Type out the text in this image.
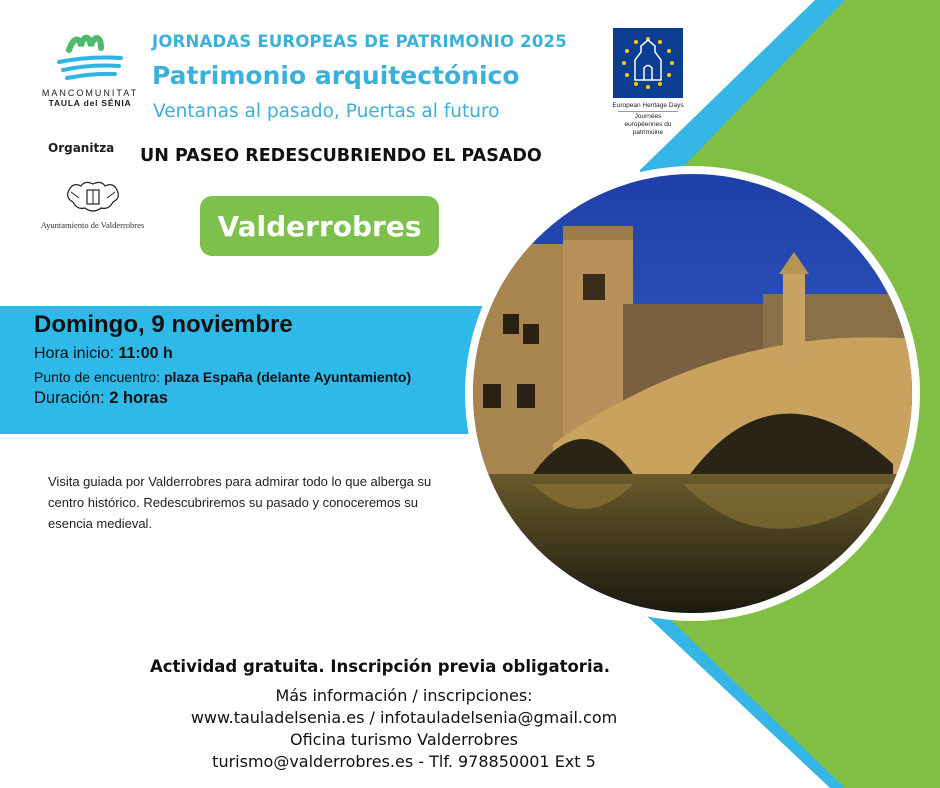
MANCOMUNITAT
TAULA del SÉNIA
Organitza
Ayuntamiento de Valderrobres
JORNADAS EUROPEAS DE PATRIMONIO 2025
Patrimonio arquitectónico
Ventanas al pasado, Puertas al futuro
UN PASEO REDESCUBRIENDO EL PASADO
European Heritage Days
Journées européennes du patrimoine
Valderrobres
Domingo, 9 noviembre
Hora inicio: 11:00 h
Punto de encuentro: plaza España (delante Ayuntamiento)
Duración: 2 horas
Visita guiada por Valderrobres para admirar todo lo que alberga su centro histórico. Redescubriremos su pasado y conoceremos su esencia medieval.
Actividad gratuita. Inscripción previa obligatoria.
Más información / inscripciones:
www.tauladelsenia.es / infotauladelsenia@gmail.com
Oficina turismo Valderrobres
turismo@valderrobres.es - Tlf. 978850001 Ext 5
